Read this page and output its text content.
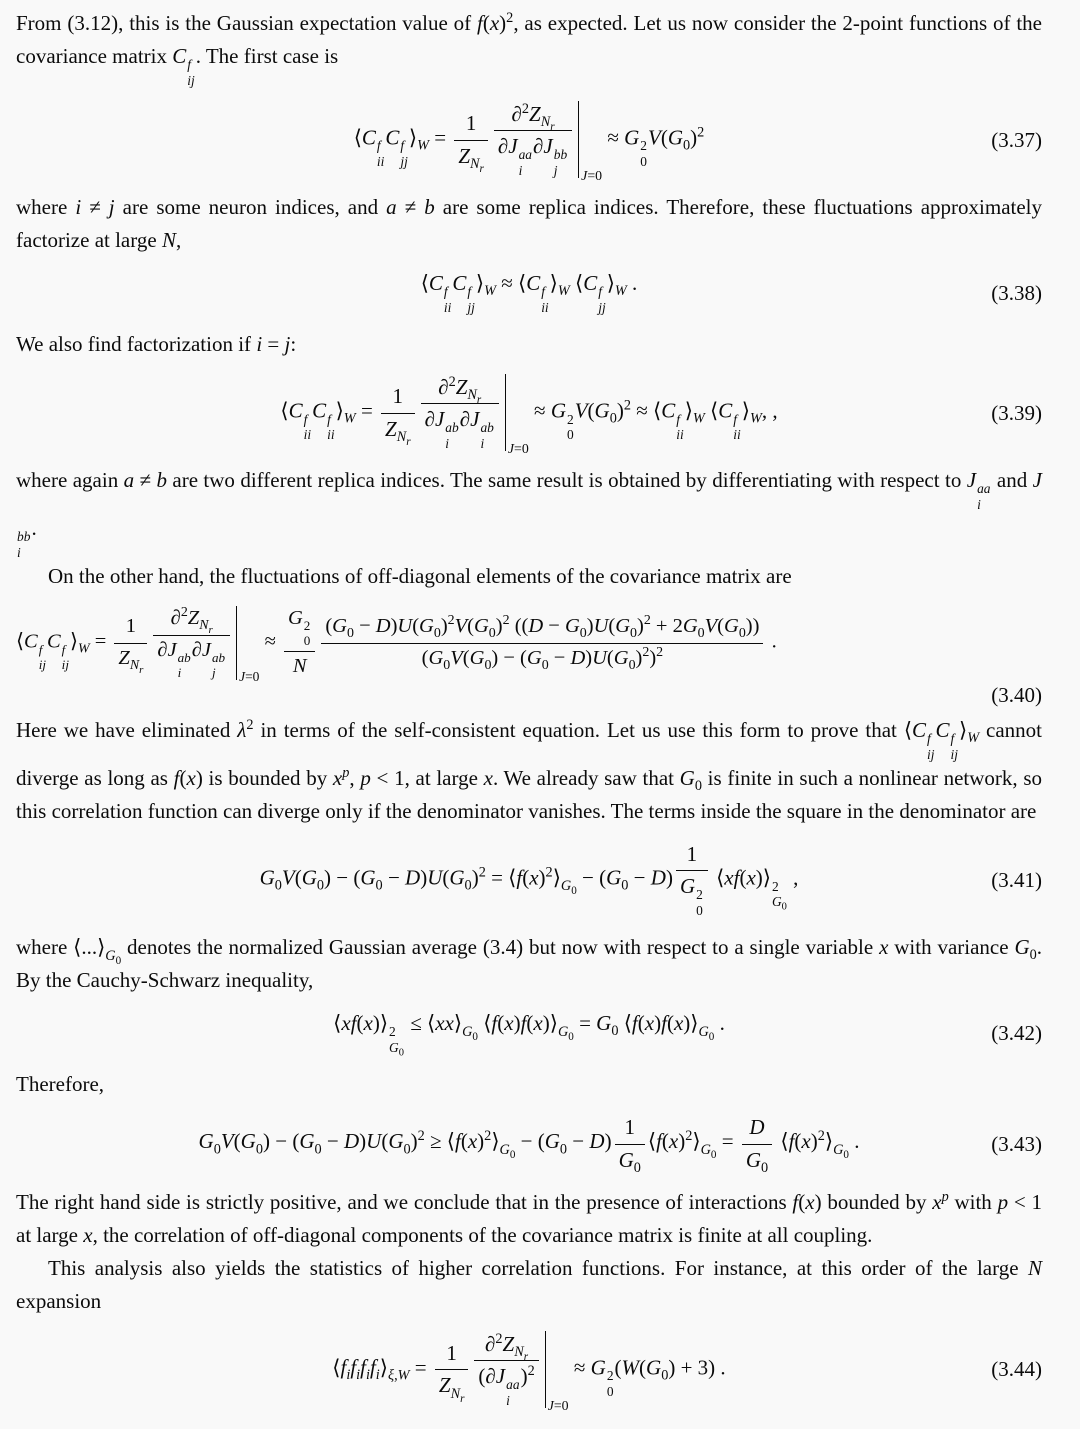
From (3.12), this is the Gaussian expectation value of $f(x)^2$, as expected. Let us now consider the 2-point functions of the covariance matrix C f
ij
. The first case is

⟨C f
ii
C f
jj
$⟩_W = \frac{1}{Z_{N_r}} \partial^2Z_{N_r}$
∂J aa
i
∂J bb
j J=0
≈ G 2
0
$V(G_0)^2$	(3.37)

where i ≠ j are some neuron indices, and a ≠ b are some replica indices. Therefore, these fluctuations approximately factorize at large N,

⟨C f
ii
C f
jj
$⟩_W$ ≈ ⟨C f
ii
$⟩_W$ ⟨C f
jj
$⟩_W$ .	(3.38)

We also find factorization if i = j:

⟨C f
ii
C f
ii
$⟩_W = \frac{1}{Z_{N_r}} \partial^2Z_{N_r}$
∂J ab
i
∂J ab
i J=0
≈ G 2
0
$V(G_0)^2$ ≈ ⟨C f
ii
$⟩_W$ ⟨C f
ii
$⟩_W$, ,	(3.39)

where again a ≠ b are two different replica indices. The same result is obtained by differentiating with respect to J aa
i
and J
bb
i
.

On the other hand, the fluctuations of off-diagonal elements of the covariance matrix are

⟨C f
ij
C f
ij
$⟩_W = \frac{1}{Z_{N_r}} \partial^2Z_{N_r}$
∂J ab
i
∂J ab
j J=0
≈ G 2
0
N $\frac{(G_0 - D)U(G_0)^2V(G_0)^2 ((D - G_0)U(G_0)^2 + 2G_0V(G_0))}{(G_0V(G_0) - (G_0 - D)U(G_0)^2)^2}$ .
(3.40)

Here we have eliminated $\lambda^2$ in terms of the self-consistent equation. Let us use this form to prove that ⟨C f
ij
C f
ij
$⟩_W$ cannot diverge as long as f(x) is bounded by $x^p$, p < 1, at large x. We already saw that $G_0$ is finite in such a nonlinear network, so this correlation function can diverge only if the denominator vanishes. The terms inside the square in the denominator are

$G_0V(G_0) - (G_0 - D)U(G_0)^2$ = $⟨f(x)^2⟩_{G_0} - (G_0 - D)$ 1
G 2
0 ⟨xf(x)⟩ 2
$G_0$
,	(3.41)

where $⟨...⟩_{G_0}$ denotes the normalized Gaussian average (3.4) but now with respect to a single variable x with variance $G_0$. By the Cauchy-Schwarz inequality,

⟨xf(x)⟩ 2
$G_0$
≤ $⟨xx⟩_{G_0}$ $⟨f(x)f(x)⟩_{G_0} = G_0$ $⟨f(x)f(x)⟩_{G_0}$ .	(3.42)

Therefore,

$G_0V(G_0) - (G_0 - D)U(G_0)^2$ ≥ $⟨f(x)^2⟩_{G_0} - (G_0 - D) \frac{1}{G_0}$ $⟨f(x)^2⟩_{G_0} = \frac{D}{G_0}$ $⟨f(x)^2⟩_{G_0}$ .	(3.43)

The right hand side is strictly positive, and we conclude that in the presence of interactions f(x) bounded by $x^p$ with p < 1 at large x, the correlation of off-diagonal components of the covariance matrix is finite at all coupling.

This analysis also yields the statistics of higher correlation functions. For instance, at this order of the large N expansion

$⟨f_if_if_if_i⟩_{\xi,W} = \frac{1}{Z_{N_r}} \partial^2Z_{N_r}$
(∂J aa
i
)$^2$ J=0
≈ G 2
0
$(W(G_0) + 3)$ .	(3.44)
